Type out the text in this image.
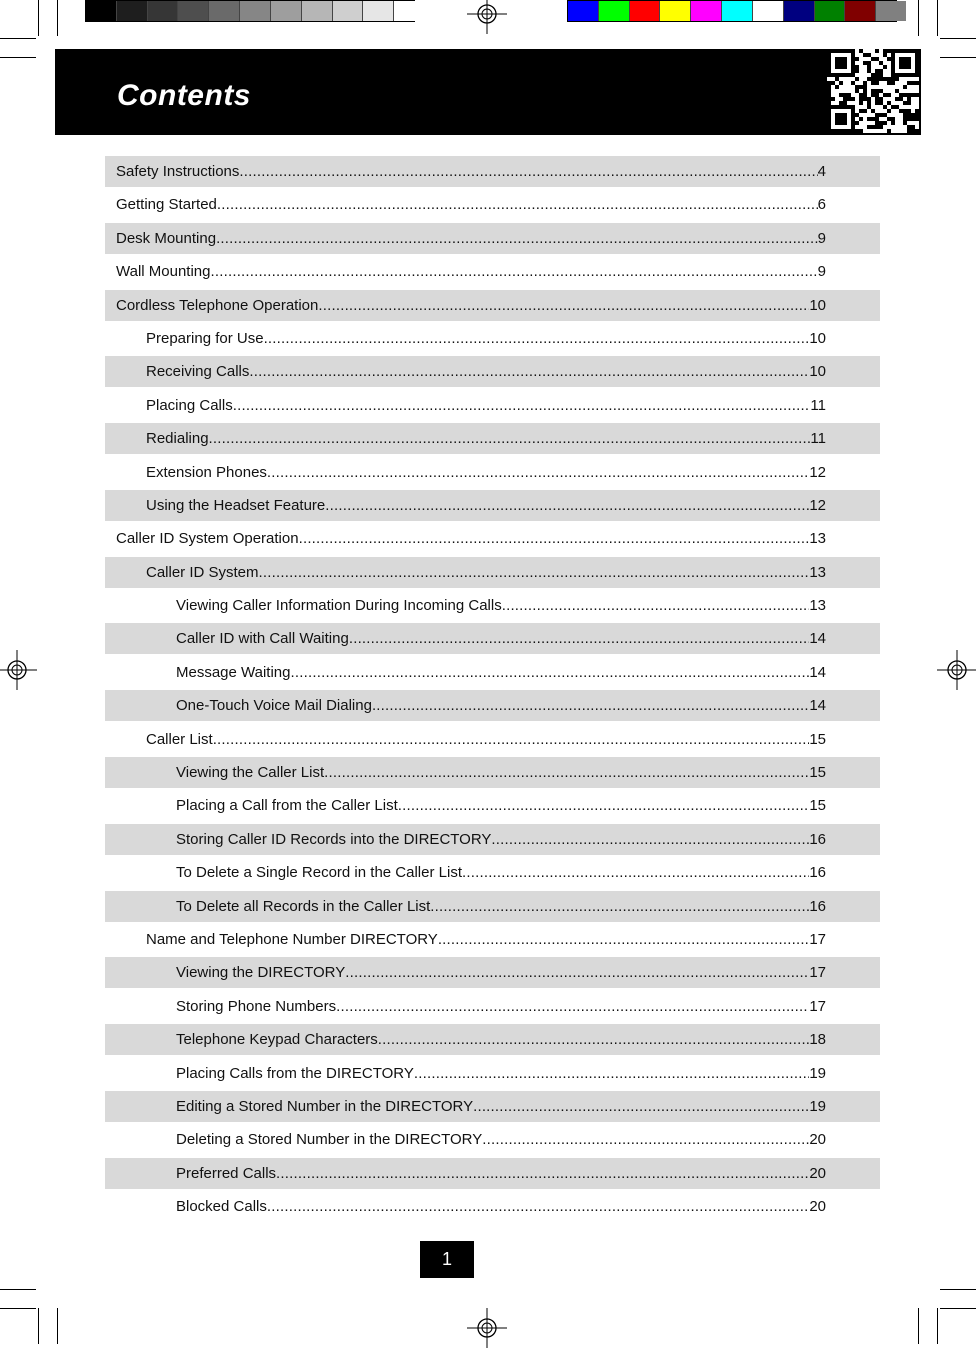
Contents
Safety Instructions .....	4
Getting Started .....	6
Desk Mounting .....	9
Wall Mounting .....	9
Cordless Telephone Operation .....	10
Preparing for Use .....	10
Receiving Calls .....	10
Placing Calls .....	11
Redialing .....	11
Extension Phones .....	12
Using the Headset Feature .....	12
Caller ID System Operation .....	13
Caller ID System .....	13
Viewing Caller Information During Incoming Calls .....	13
Caller ID with Call Waiting .....	14
Message Waiting .....	14
One-Touch Voice Mail Dialing .....	14
Caller List .....	15
Viewing the Caller List .....	15
Placing a Call from the Caller List .....	15
Storing Caller ID Records into the DIRECTORY .....	16
To Delete a Single Record in the Caller List .....	16
To Delete all Records in the Caller List .....	16
Name and Telephone Number DIRECTORY .....	17
Viewing the DIRECTORY .....	17
Storing Phone Numbers .....	17
Telephone Keypad Characters .....	18
Placing Calls from the DIRECTORY .....	19
Editing a Stored Number in the DIRECTORY .....	19
Deleting a Stored Number in the DIRECTORY .....	20
Preferred Calls .....	20
Blocked Calls .....	20
1
